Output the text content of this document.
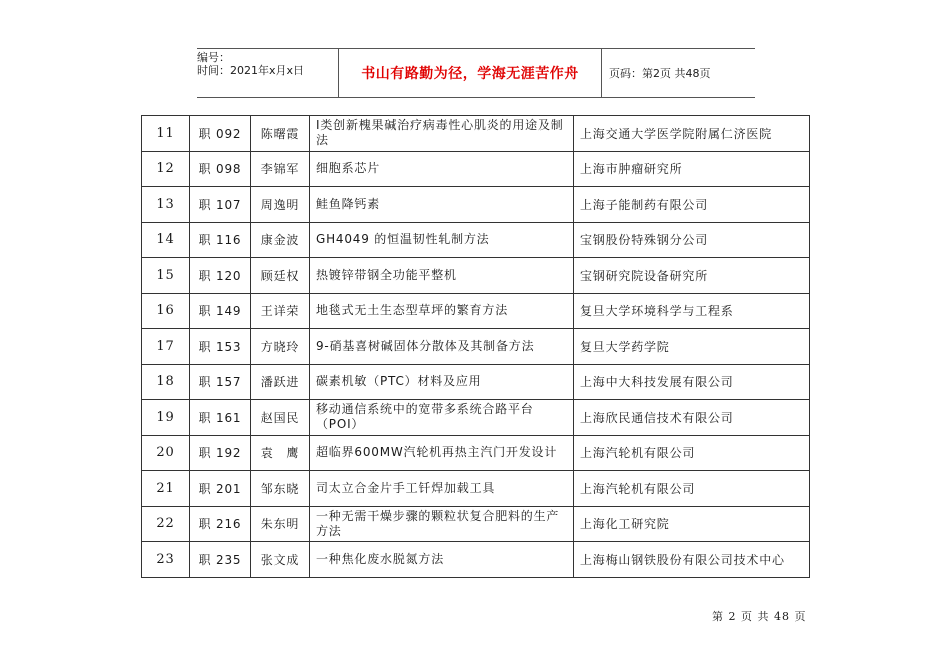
编号：
时间：2021年x月x日	书山有路勤为径，学海无涯苦作舟	页码：第2页 共48页
11	职 092	陈曙霞	Ⅰ类创新槐果碱治疗病毒性心肌炎的用途及制法	上海交通大学医学院附属仁济医院
12	职 098	李锦军	细胞系芯片	上海市肿瘤研究所
13	职 107	周逸明	鲑鱼降钙素	上海子能制药有限公司
14	职 116	康金波	GH4049 的恒温韧性轧制方法	宝钢股份特殊钢分公司
15	职 120	顾廷权	热镀锌带钢全功能平整机	宝钢研究院设备研究所
16	职 149	王详荣	地毯式无土生态型草坪的繁育方法	复旦大学环境科学与工程系
17	职 153	方晓玲	9-硝基喜树碱固体分散体及其制备方法	复旦大学药学院
18	职 157	潘跃进	碳素机敏（PTC）材料及应用	上海中大科技发展有限公司
19	职 161	赵国民	移动通信系统中的宽带多系统合路平台（POI）	上海欣民通信技术有限公司
20	职 192	袁　鹰	超临界600MW汽轮机再热主汽门开发设计	上海汽轮机有限公司
21	职 201	邹东晓	司太立合金片手工钎焊加载工具	上海汽轮机有限公司
22	职 216	朱东明	一种无需干燥步骤的颗粒状复合肥料的生产方法	上海化工研究院
23	职 235	张文成	一种焦化废水脱氮方法	上海梅山钢铁股份有限公司技术中心
第 2 页 共 48 页
